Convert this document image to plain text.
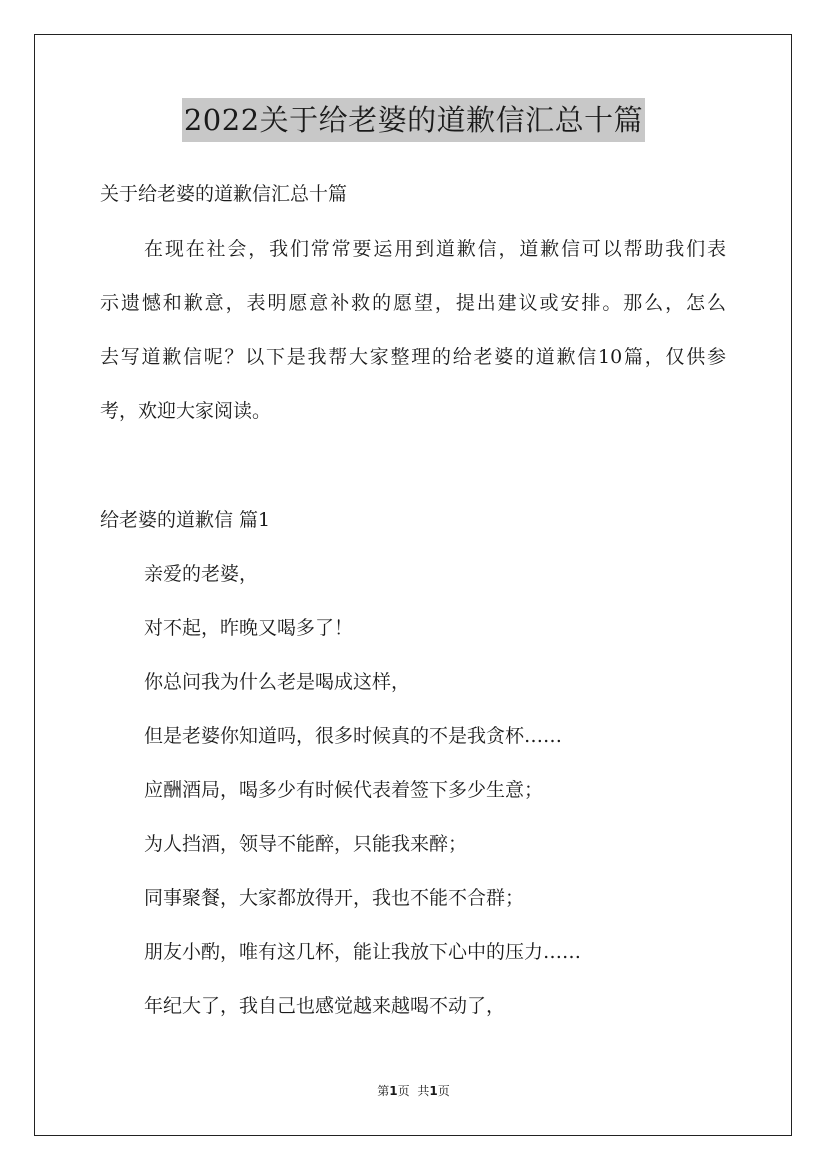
2022关于给老婆的道歉信汇总十篇
关于给老婆的道歉信汇总十篇
在现在社会，我们常常要运用到道歉信，道歉信可以帮助我们表
示遗憾和歉意，表明愿意补救的愿望，提出建议或安排。那么，怎么
去写道歉信呢？以下是我帮大家整理的给老婆的道歉信10篇，仅供参
考，欢迎大家阅读。
给老婆的道歉信 篇1
亲爱的老婆，
对不起，昨晚又喝多了！
你总问我为什么老是喝成这样，
但是老婆你知道吗，很多时候真的不是我贪杯……
应酬酒局，喝多少有时候代表着签下多少生意；
为人挡酒，领导不能醉，只能我来醉；
同事聚餐，大家都放得开，我也不能不合群；
朋友小酌，唯有这几杯，能让我放下心中的压力……
年纪大了，我自己也感觉越来越喝不动了，
第1页 共1页
